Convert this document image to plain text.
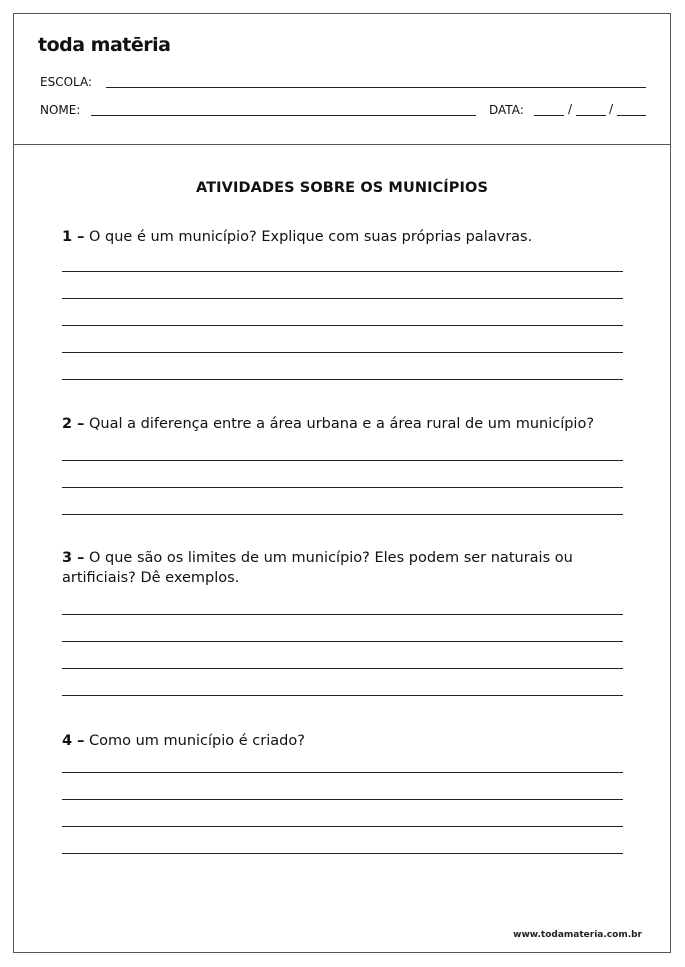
toda matēria
ESCOLA:
NOME:	DATA:	/	/
ATIVIDADES SOBRE OS MUNICÍPIOS
1 – O que é um município? Explique com suas próprias palavras.
2 – Qual a diferença entre a área urbana e a área rural de um município?
3 – O que são os limites de um município? Eles podem ser naturais ou artificiais? Dê exemplos.
4 – Como um município é criado?
www.todamateria.com.br
